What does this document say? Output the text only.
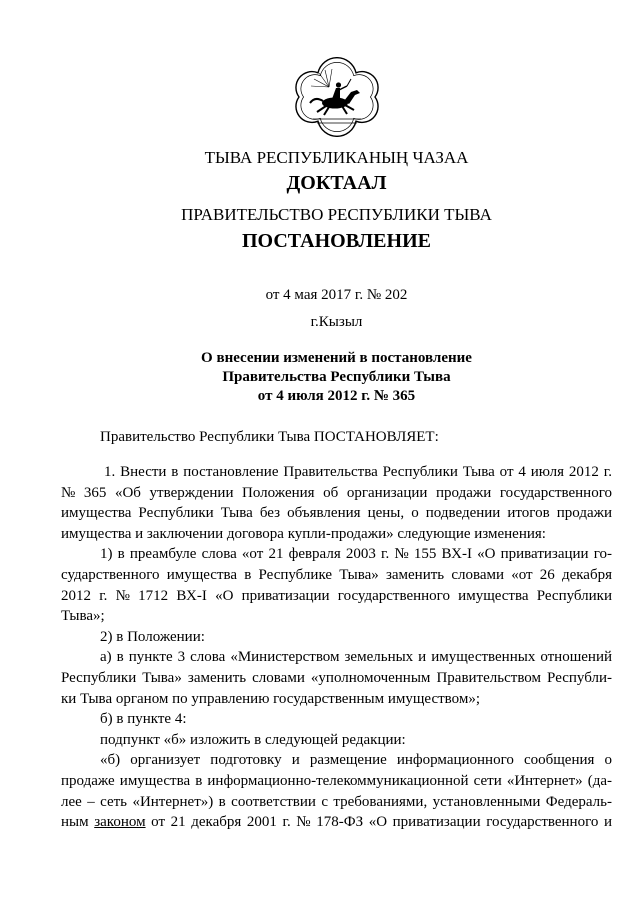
ТЫВА РЕСПУБЛИКАНЫҢ ЧАЗАА
ДОКТААЛ
ПРАВИТЕЛЬСТВО РЕСПУБЛИКИ ТЫВА
ПОСТАНОВЛЕНИЕ
от 4 мая 2017 г. № 202
г.Кызыл
О внесении изменений в постановление
Правительства Республики Тыва
от 4 июля 2012 г. № 365
Правительство Республики Тыва ПОСТАНОВЛЯЕТ:
1. Внести в постановление Правительства Республики Тыва от 4 июля 2012 г.
№ 365 «Об утверждении Положения об организации продажи государственного
имущества Республики Тыва без объявления цены, о подведении итогов продажи
имущества и заключении договора купли-продажи» следующие изменения:
1) в преамбуле слова «от 21 февраля 2003 г. № 155 ВХ-I «О приватизации го-
сударственного имущества в Республике Тыва» заменить словами «от 26 декабря
2012 г. № 1712 ВХ-I «О приватизации государственного имущества Республики
Тыва»;
2) в Положении:
а) в пункте 3 слова «Министерством земельных и имущественных отношений
Республики Тыва» заменить словами «уполномоченным Правительством Республи-
ки Тыва органом по управлению государственным имуществом»;
б) в пункте 4:
подпункт «б» изложить в следующей редакции:
«б) организует подготовку и размещение информационного сообщения о
продаже имущества в информационно-телекоммуникационной сети «Интернет» (да-
лее – сеть «Интернет») в соответствии с требованиями, установленными Федераль-
ным законом от 21 декабря 2001 г. № 178-ФЗ «О приватизации государственного и
